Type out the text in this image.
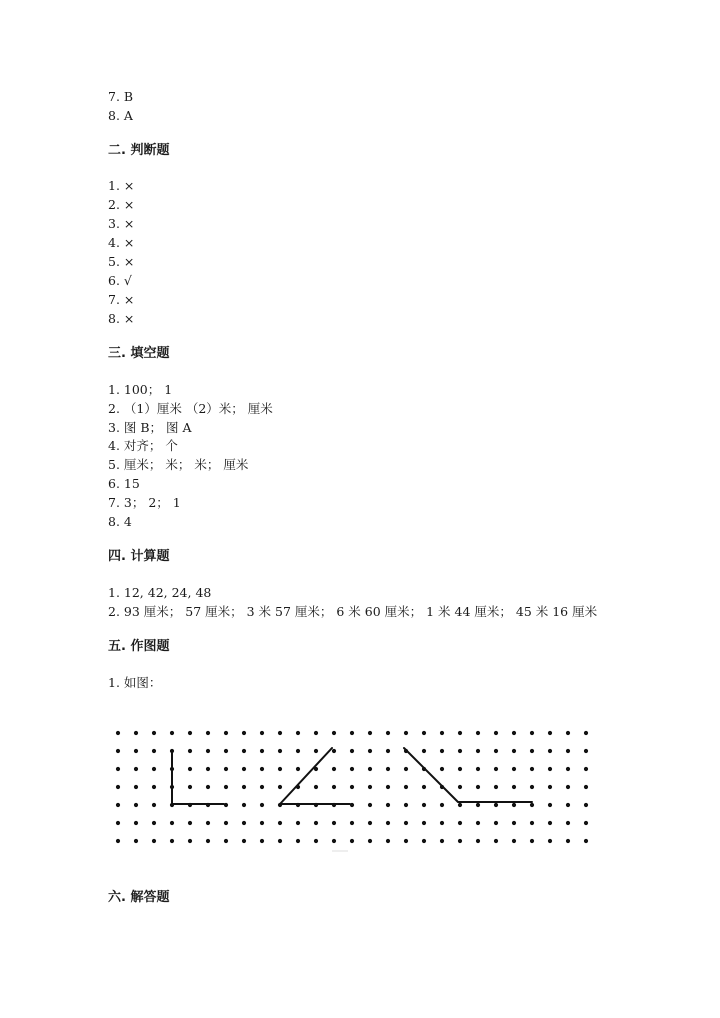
7. B
8. A
二. 判断题
1. ×
2. ×
3. ×
4. ×
5. ×
6. √
7. ×
8. ×
三. 填空题
1. 100； 1
2. （1）厘米 （2）米； 厘米
3. 图 B； 图 A
4. 对齐； 个
5. 厘米； 米； 米； 厘米
6. 15
7. 3； 2； 1
8. 4
四. 计算题
1. 12, 42, 24, 48
2. 93 厘米； 57 厘米； 3 米 57 厘米； 6 米 60 厘米； 1 米 44 厘米； 45 米 16 厘米
五. 作图题
1. 如图：
六. 解答题
